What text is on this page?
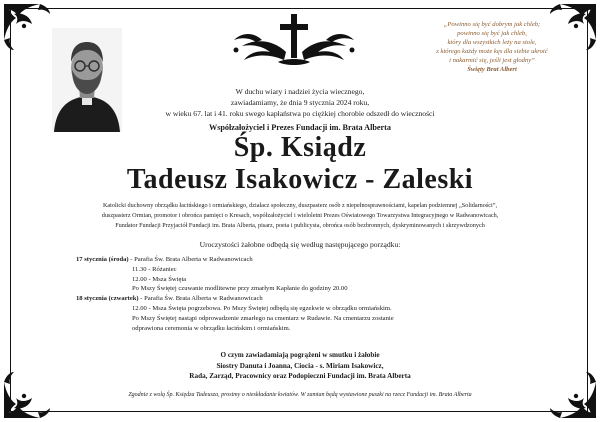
„Powinno się być dobrym jak chleb;
powinno się być jak chleb,
który dla wszystkich leży na stole,
z którego każdy może kęs dla siebie ukroić
i nakarmić się, jeśli jest głodny”
Święty Brat Albert
W duchu wiary i nadziei życia wiecznego,
zawiadamiamy, że dnia 9 stycznia 2024 roku,
w wieku 67. lat i 41. roku swego kapłaństwa po ciężkiej chorobie odszedł do wieczności
Współzałożyciel i Prezes Fundacji im. Brata Alberta
Śp. Ksiądz
Tadeusz Isakowicz - Zaleski
Katolicki duchowny obrządku łacińskiego i ormiańskiego, działacz społeczny, duszpasterz osób z niepełnosprawnościami, kapelan podziemnej „Solidarności”,
duszpasterz Ormian, promotor i obrońca pamięci o Kresach, współzałożyciel i wieloletni Prezes Oświatowego Towarzystwa Integracyjnego w Radwanowicach,
Fundator Fundacji Przyjaciół Fundacji im. Brata Alberta, pisarz, poeta i publicysta, obrońca osób bezbronnych, dyskryminowanych i skrzywdzonych
Uroczystości żałobne odbędą się według następującego porządku:
17 stycznia (środa) - Parafia Św. Brata Alberta w Radwanowicach
11.30 - Różaniec
12.00 - Msza Święta
Po Mszy Świętej czuwanie modlitewne przy zmarłym Kapłanie do godziny 20.00
18 stycznia (czwartek) - Parafia Św. Brata Alberta w Radwanowicach
12.00 - Msza Święta pogrzebowa. Po Mszy Świętej odbędą się egzekwie w obrządku ormiańskim.
Po Mszy Świętej nastąpi odprowadzenie zmarłego na cmentarz w Rudawie. Na cmentarzu zostanie
odprawiona ceremonia w obrządku łacińskim i ormiańskim.
O czym zawiadamiają pogrążeni w smutku i żałobie
Siostry Danuta i Joanna, Ciocia - s. Miriam Isakowicz,
Rada, Zarząd, Pracownicy oraz Podopieczni Fundacji im. Brata Alberta
Zgodnie z wolą Śp. Księdza Tadeusza, prosimy o nieskładanie kwiatów. W zamian będą wystawione puszki na rzecz Fundacji im. Brata Alberta
